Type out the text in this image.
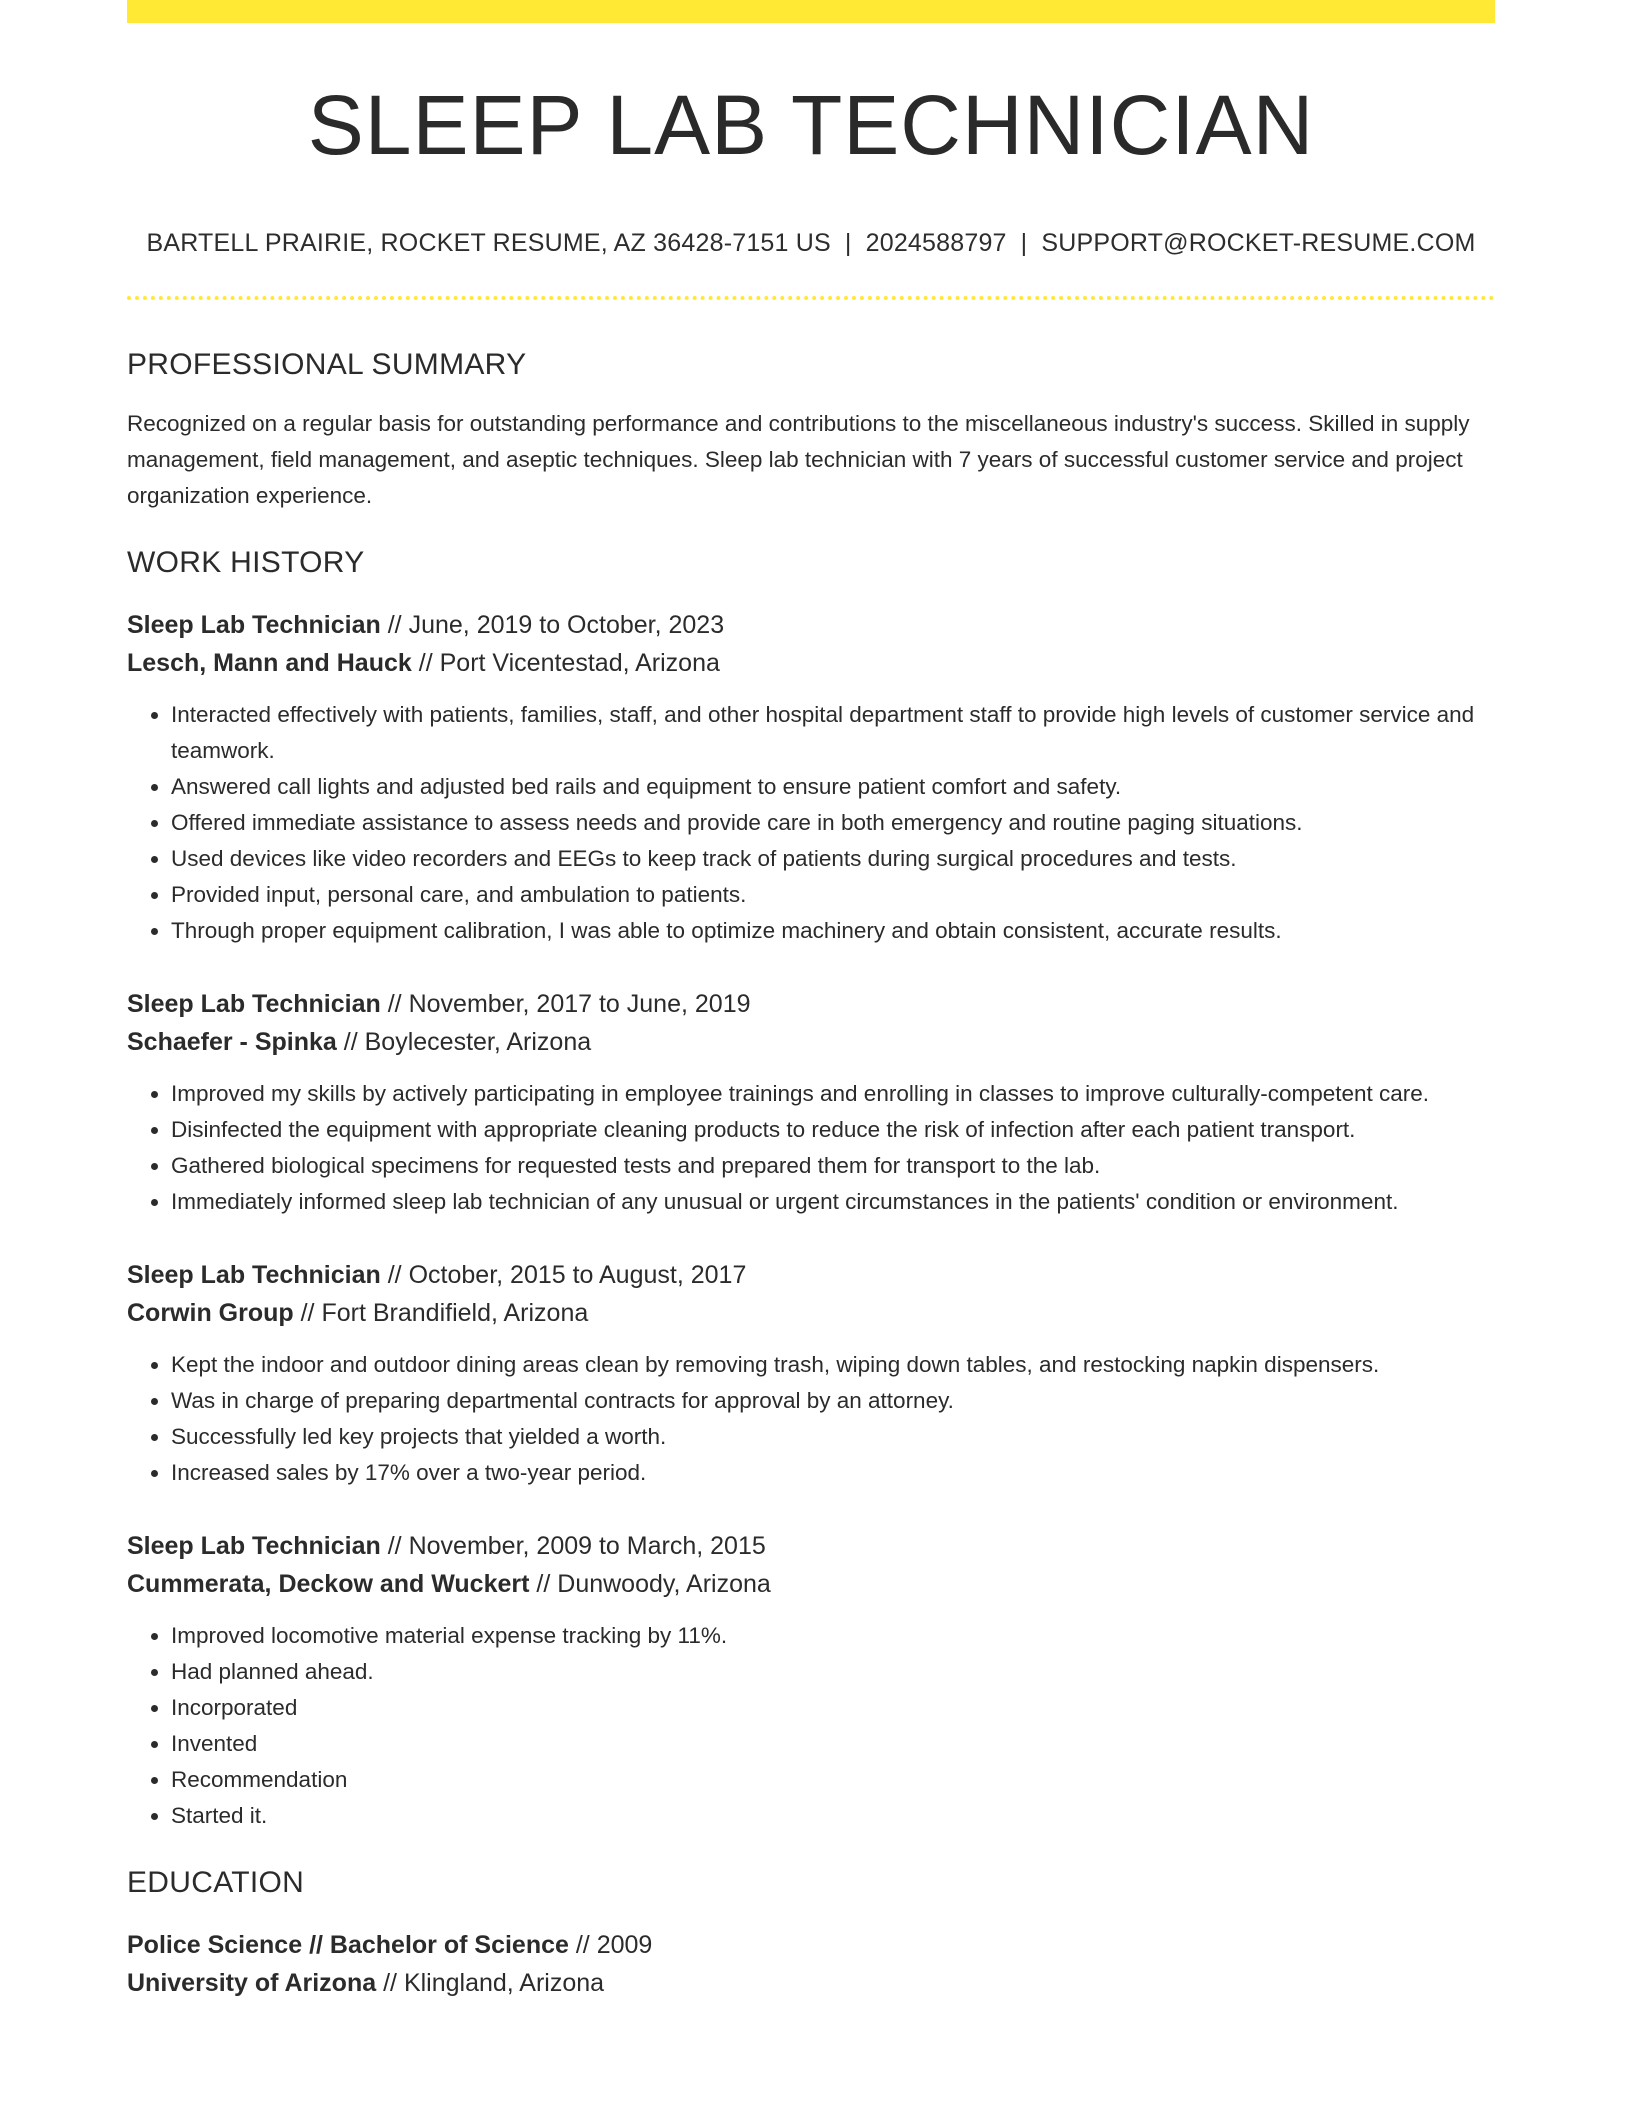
SLEEP LAB TECHNICIAN
BARTELL PRAIRIE, ROCKET RESUME, AZ 36428-7151 US | 2024588797 | SUPPORT@ROCKET-RESUME.COM
PROFESSIONAL SUMMARY
Recognized on a regular basis for outstanding performance and contributions to the miscellaneous industry's success. Skilled in supply management, field management, and aseptic techniques. Sleep lab technician with 7 years of successful customer service and project organization experience.
WORK HISTORY
Sleep Lab Technician // June, 2019 to October, 2023
Lesch, Mann and Hauck // Port Vicentestad, Arizona
• Interacted effectively with patients, families, staff, and other hospital department staff to provide high levels of customer service and teamwork.
• Answered call lights and adjusted bed rails and equipment to ensure patient comfort and safety.
• Offered immediate assistance to assess needs and provide care in both emergency and routine paging situations.
• Used devices like video recorders and EEGs to keep track of patients during surgical procedures and tests.
• Provided input, personal care, and ambulation to patients.
• Through proper equipment calibration, I was able to optimize machinery and obtain consistent, accurate results.
Sleep Lab Technician // November, 2017 to June, 2019
Schaefer - Spinka // Boylecester, Arizona
• Improved my skills by actively participating in employee trainings and enrolling in classes to improve culturally-competent care.
• Disinfected the equipment with appropriate cleaning products to reduce the risk of infection after each patient transport.
• Gathered biological specimens for requested tests and prepared them for transport to the lab.
• Immediately informed sleep lab technician of any unusual or urgent circumstances in the patients' condition or environment.
Sleep Lab Technician // October, 2015 to August, 2017
Corwin Group // Fort Brandifield, Arizona
• Kept the indoor and outdoor dining areas clean by removing trash, wiping down tables, and restocking napkin dispensers.
• Was in charge of preparing departmental contracts for approval by an attorney.
• Successfully led key projects that yielded a worth.
• Increased sales by 17% over a two-year period.
Sleep Lab Technician // November, 2009 to March, 2015
Cummerata, Deckow and Wuckert // Dunwoody, Arizona
• Improved locomotive material expense tracking by 11%.
• Had planned ahead.
• Incorporated
• Invented
• Recommendation
• Started it.
EDUCATION
Police Science // Bachelor of Science // 2009
University of Arizona // Klingland, Arizona
